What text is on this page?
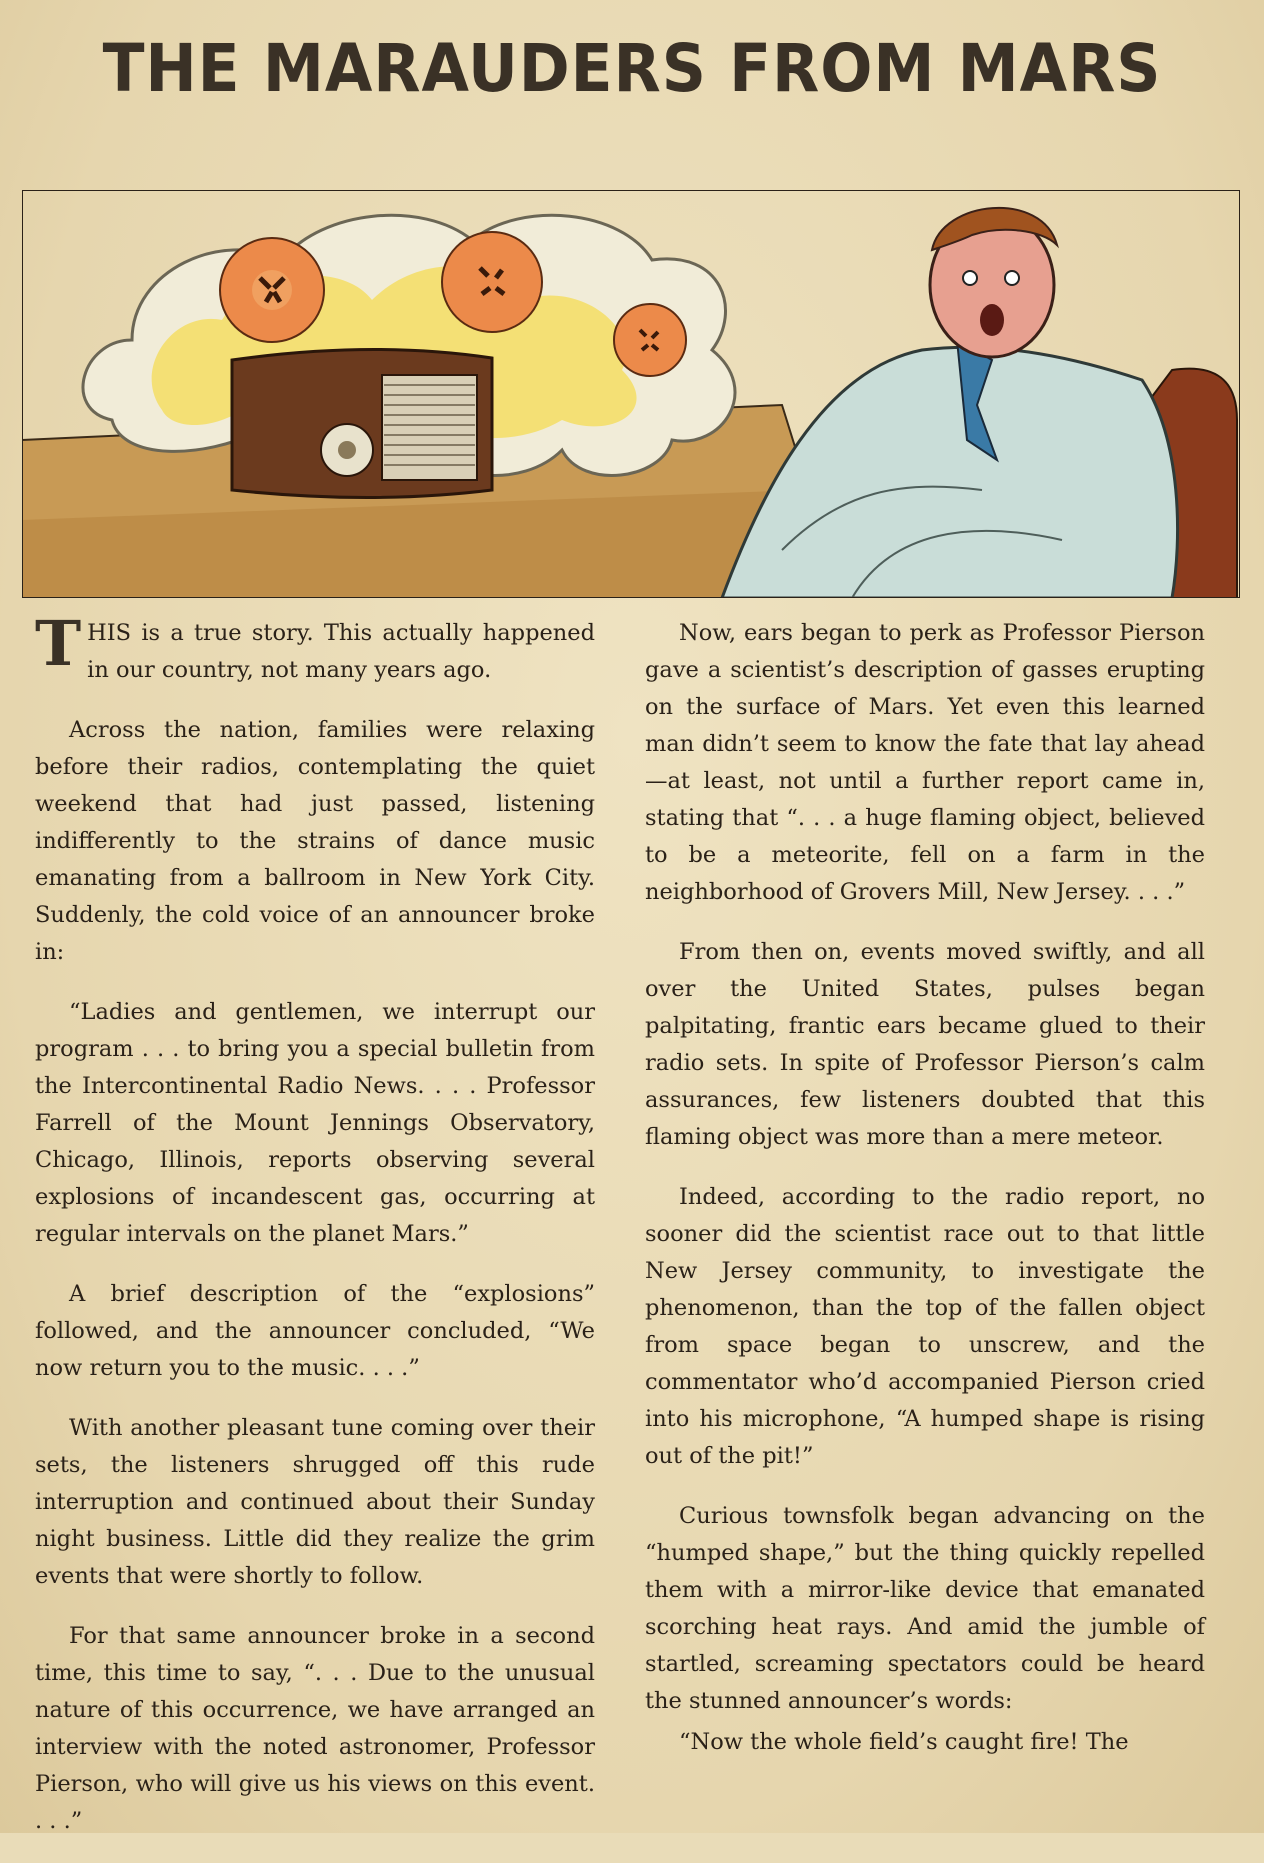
THE MARAUDERS FROM MARS

THIS is a true story. This actually happened in our country, not many years ago.

Across the nation, families were relaxing before their radios, contemplating the quiet weekend that had just passed, listening indifferently to the strains of dance music emanating from a ballroom in New York City. Suddenly, the cold voice of an announcer broke in:

“Ladies and gentlemen, we interrupt our program . . . to bring you a special bulletin from the Intercontinental Radio News. . . . Professor Farrell of the Mount Jennings Observatory, Chicago, Illinois, reports observing several explosions of incandescent gas, occurring at regular intervals on the planet Mars.”

A brief description of the “explosions” followed, and the announcer concluded, “We now return you to the music. . . .”

With another pleasant tune coming over their sets, the listeners shrugged off this rude interruption and continued about their Sunday night business. Little did they realize the grim events that were shortly to follow.

For that same announcer broke in a second time, this time to say, “. . . Due to the unusual nature of this occurrence, we have arranged an interview with the noted astronomer, Professor Pierson, who will give us his views on this event. . . .”

Now, ears began to perk as Professor Pierson gave a scientist’s description of gasses erupting on the surface of Mars. Yet even this learned man didn’t seem to know the fate that lay ahead—at least, not until a further report came in, stating that “. . . a huge flaming object, believed to be a meteorite, fell on a farm in the neighborhood of Grovers Mill, New Jersey. . . .”

From then on, events moved swiftly, and all over the United States, pulses began palpitating, frantic ears became glued to their radio sets. In spite of Professor Pierson’s calm assurances, few listeners doubted that this flaming object was more than a mere meteor.

Indeed, according to the radio report, no sooner did the scientist race out to that little New Jersey community, to investigate the phenomenon, than the top of the fallen object from space began to unscrew, and the commentator who’d accompanied Pierson cried into his microphone, “A humped shape is rising out of the pit!”

Curious townsfolk began advancing on the “humped shape,” but the thing quickly repelled them with a mirror-like device that emanated scorching heat rays. And amid the jumble of startled, screaming spectators could be heard the stunned announcer’s words:

“Now the whole field’s caught fire! The
